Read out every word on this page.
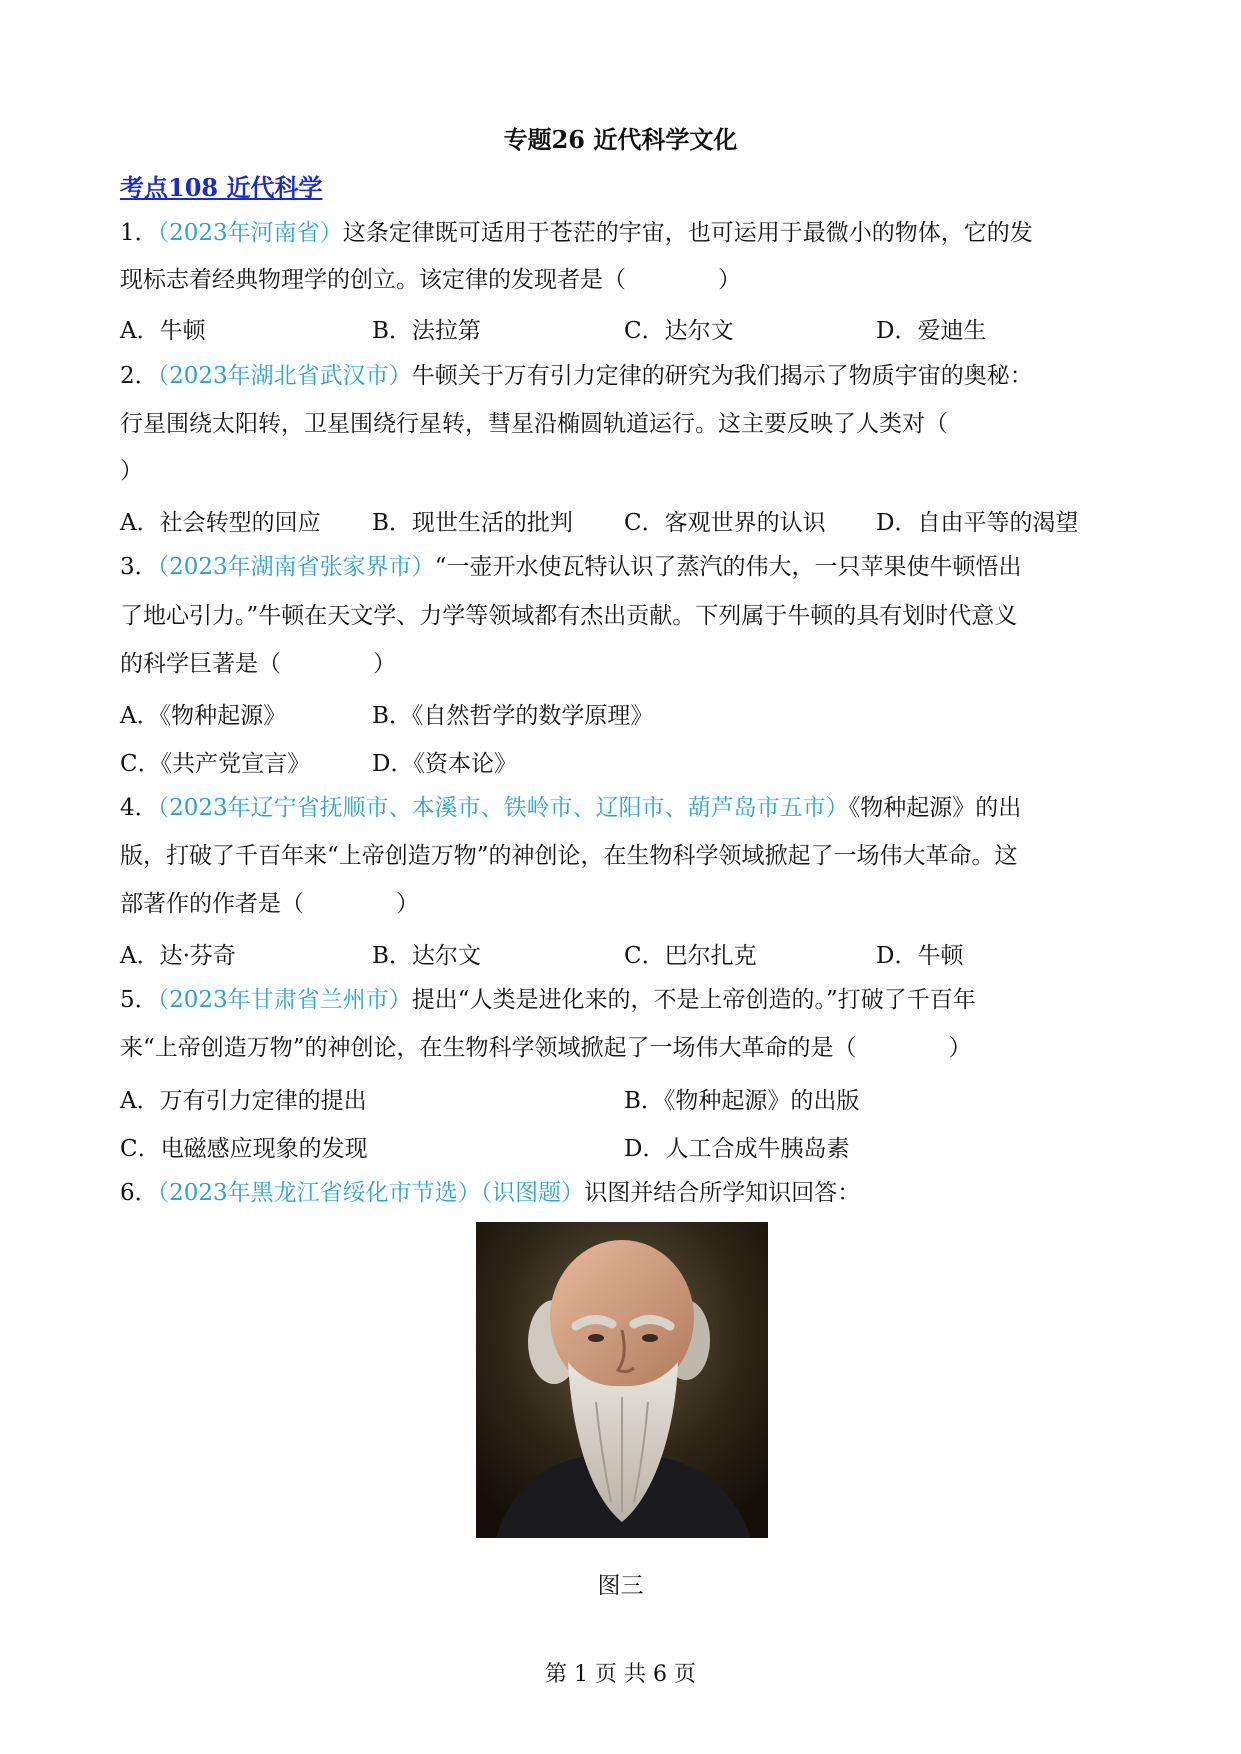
专题26 近代科学文化
考点108 近代科学
1．（2023年河南省）这条定律既可适用于苍茫的宇宙，也可运用于最微小的物体，它的发
现标志着经典物理学的创立。该定律的发现者是（　　　　）
A．牛顿	B．法拉第	C．达尔文	D．爱迪生
2．（2023年湖北省武汉市）牛顿关于万有引力定律的研究为我们揭示了物质宇宙的奥秘：
行星围绕太阳转，卫星围绕行星转，彗星沿椭圆轨道运行。这主要反映了人类对（
）
A．社会转型的回应 B．现世生活的批判 C．客观世界的认识 D．自由平等的渴望
3．（2023年湖南省张家界市）“一壶开水使瓦特认识了蒸汽的伟大，一只苹果使牛顿悟出
了地心引力。”牛顿在天文学、力学等领域都有杰出贡献。下列属于牛顿的具有划时代意义
的科学巨著是（　　　　）
A．《物种起源》	B．《自然哲学的数学原理》
C．《共产党宣言》	D．《资本论》
4．（2023年辽宁省抚顺市、本溪市、铁岭市、辽阳市、葫芦岛市五市）《物种起源》的出
版，打破了千百年来“上帝创造万物”的神创论，在生物科学领域掀起了一场伟大革命。这
部著作的作者是（　　　　）
A．达·芬奇	B．达尔文	C．巴尔扎克	D．牛顿
5．（2023年甘肃省兰州市）提出“人类是进化来的，不是上帝创造的。”打破了千百年
来“上帝创造万物”的神创论，在生物科学领域掀起了一场伟大革命的是（　　　　）
A．万有引力定律的提出	B．《物种起源》的出版
C．电磁感应现象的发现	D．人工合成牛胰岛素
6．（2023年黑龙江省绥化市节选）（识图题）识图并结合所学知识回答：
图三
第 1 页 共 6 页
